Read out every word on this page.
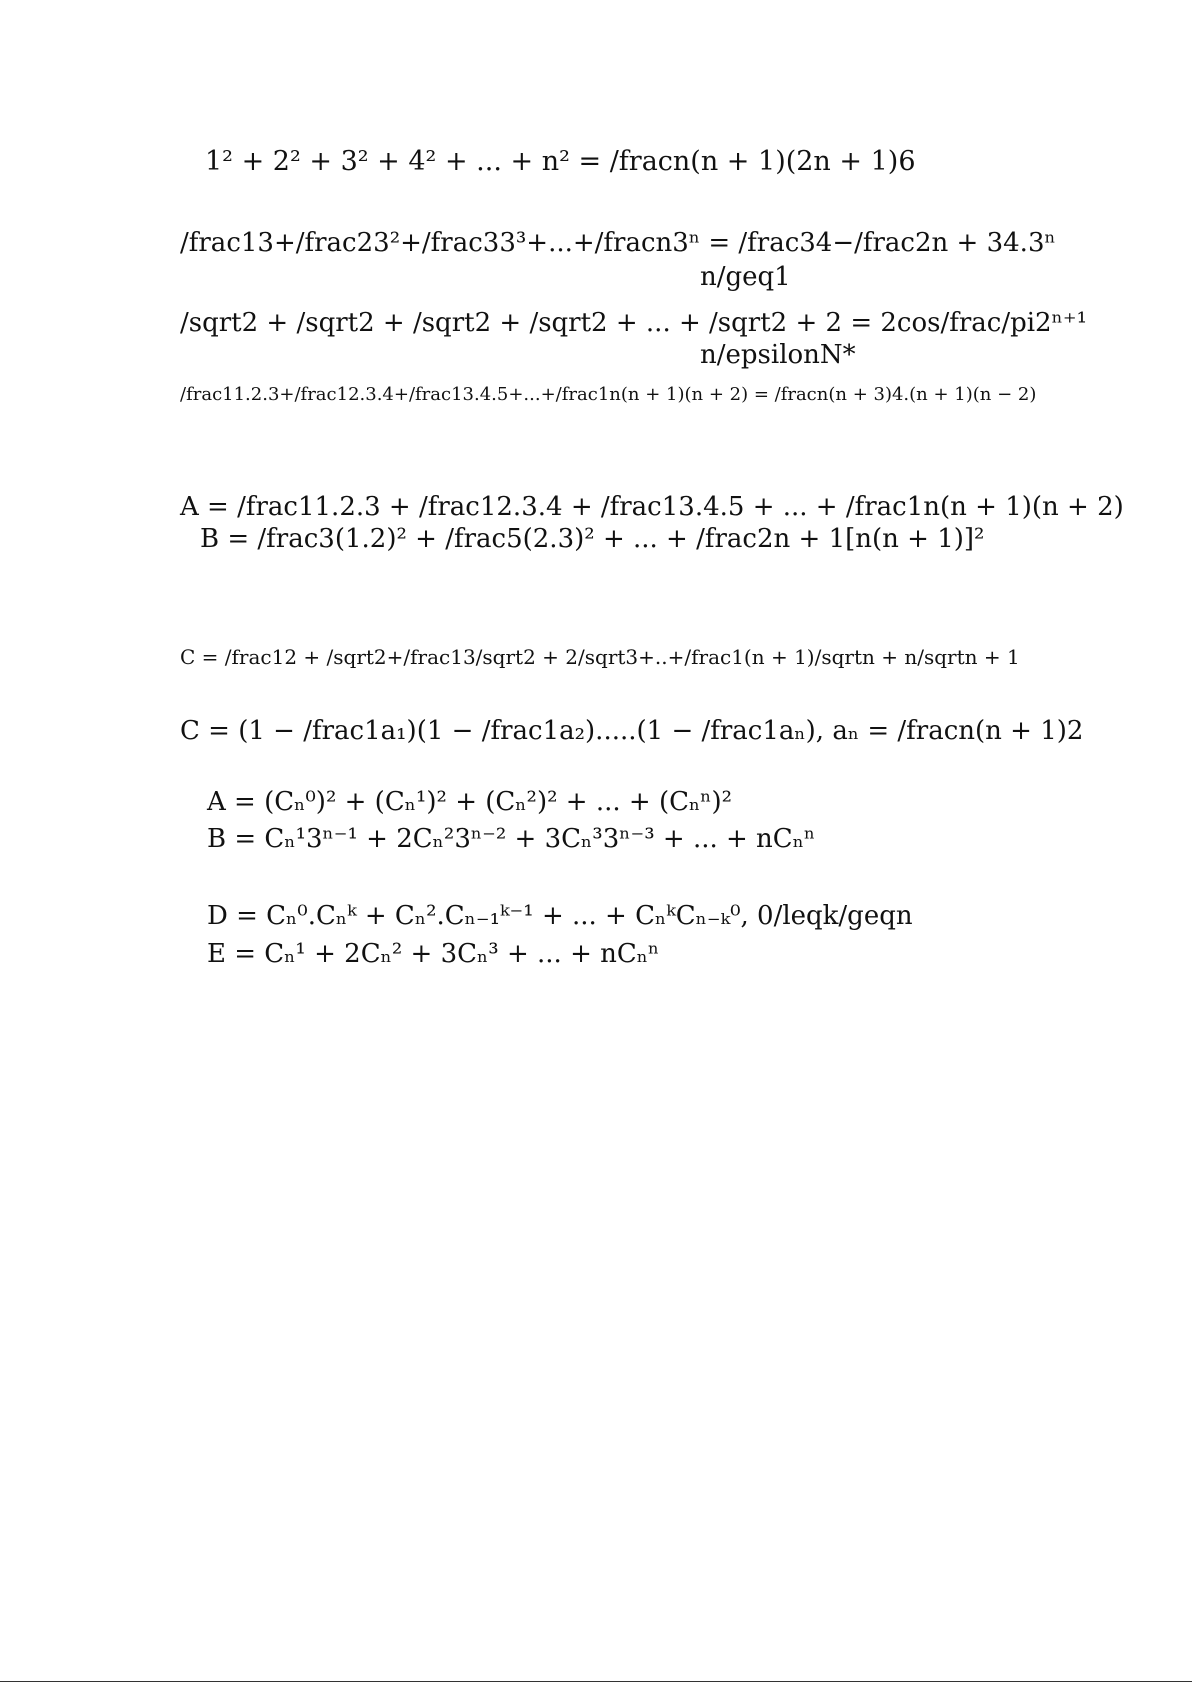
1² + 2² + 3² + 4² + ... + n² = /fracn(n + 1)(2n + 1)6
/frac13+/frac23²+/frac33³+...+/fracn3ⁿ = /frac34−/frac2n + 34.3ⁿ
n/geq1
/sqrt2 + /sqrt2 + /sqrt2 + /sqrt2 + ... + /sqrt2 + 2 = 2cos/frac/pi2ⁿ⁺¹
n/epsilonN*
/frac11.2.3+/frac12.3.4+/frac13.4.5+...+/frac1n(n + 1)(n + 2) = /fracn(n + 3)4.(n + 1)(n − 2)
A = /frac11.2.3 + /frac12.3.4 + /frac13.4.5 + ... + /frac1n(n + 1)(n + 2)
B = /frac3(1.2)² + /frac5(2.3)² + ... + /frac2n + 1[n(n + 1)]²
C = /frac12 + /sqrt2+/frac13/sqrt2 + 2/sqrt3+..+/frac1(n + 1)/sqrtn + n/sqrtn + 1
C = (1 − /frac1a₁)(1 − /frac1a₂).....(1 − /frac1aₙ), aₙ = /fracn(n + 1)2
A = (Cₙ⁰)² + (Cₙ¹)² + (Cₙ²)² + ... + (Cₙⁿ)²
B = Cₙ¹3ⁿ⁻¹ + 2Cₙ²3ⁿ⁻² + 3Cₙ³3ⁿ⁻³ + ... + nCₙⁿ
D = Cₙ⁰.Cₙᵏ + Cₙ².Cₙ₋₁ᵏ⁻¹ + ... + CₙᵏCₙ₋ₖ⁰, 0/leqk/geqn
E = Cₙ¹ + 2Cₙ² + 3Cₙ³ + ... + nCₙⁿ
